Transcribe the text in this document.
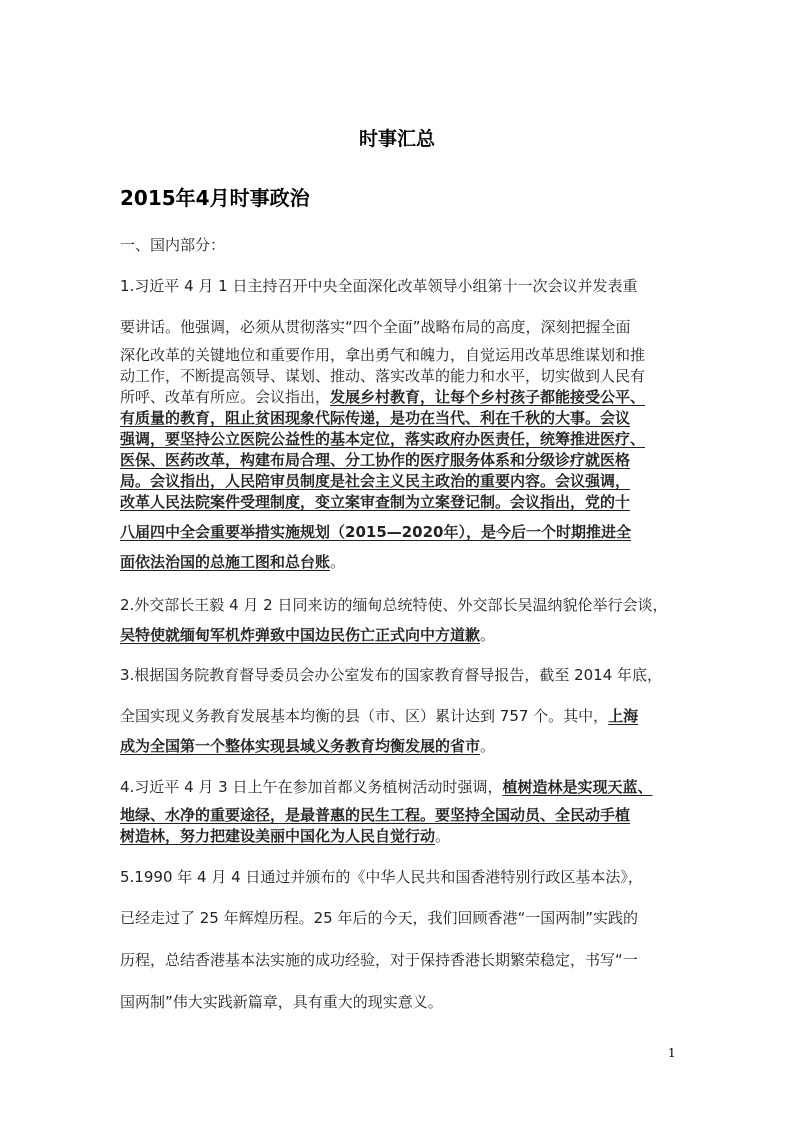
时事汇总
2015年4月时事政治
一、国内部分：
1.习近平 4 月 1 日主持召开中央全面深化改革领导小组第十一次会议并发表重
要讲话。他强调，必须从贯彻落实“四个全面”战略布局的高度，深刻把握全面
深化改革的关键地位和重要作用，拿出勇气和魄力，自觉运用改革思维谋划和推
动工作，不断提高领导、谋划、推动、落实改革的能力和水平，切实做到人民有
所呼、改革有所应。会议指出，发展乡村教育，让每个乡村孩子都能接受公平、
有质量的教育，阻止贫困现象代际传递，是功在当代、利在千秋的大事。会议
强调，要坚持公立医院公益性的基本定位，落实政府办医责任，统筹推进医疗、
医保、医药改革，构建布局合理、分工协作的医疗服务体系和分级诊疗就医格
局。会议指出，人民陪审员制度是社会主义民主政治的重要内容。会议强调，
改革人民法院案件受理制度，变立案审查制为立案登记制。会议指出，党的十
八届四中全会重要举措实施规划（2015—2020年），是今后一个时期推进全
面依法治国的总施工图和总台账。
2.外交部长王毅 4 月 2 日同来访的缅甸总统特使、外交部长吴温纳貌伦举行会谈，
吴特使就缅甸军机炸弹致中国边民伤亡正式向中方道歉。
3.根据国务院教育督导委员会办公室发布的国家教育督导报告，截至 2014 年底，
全国实现义务教育发展基本均衡的县（市、区）累计达到 757 个。其中，上海
成为全国第一个整体实现县域义务教育均衡发展的省市。
4.习近平 4 月 3 日上午在参加首都义务植树活动时强调，植树造林是实现天蓝、
地绿、水净的重要途径，是最普惠的民生工程。要坚持全国动员、全民动手植
树造林，努力把建设美丽中国化为人民自觉行动。
5.1990 年 4 月 4 日通过并颁布的《中华人民共和国香港特别行政区基本法》，
已经走过了 25 年辉煌历程。25 年后的今天，我们回顾香港“一国两制”实践的
历程，总结香港基本法实施的成功经验，对于保持香港长期繁荣稳定，书写“一
国两制”伟大实践新篇章，具有重大的现实意义。
1
